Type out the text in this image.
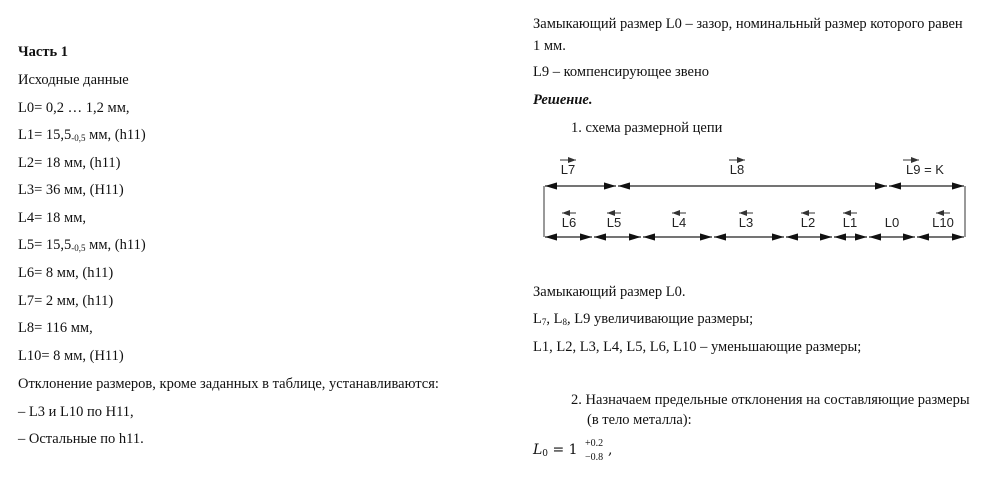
Часть 1
Исходные данные
L0= 0,2 … 1,2 мм,
$L1= 15,5_{-0,5}$ мм, (h11)
L2= 18 мм, (h11)
L3= 36 мм, (H11)
L4= 18 мм,
$L5= 15,5_{-0,5}$ мм, (h11)
L6= 8 мм, (h11)
L7= 2 мм, (h11)
L8= 116 мм,
L10= 8 мм, (H11)
Отклонение размеров, кроме заданных в таблице, устанавливаются:
– L3 и L10 по H11,
– Остальные по h11.
Замыкающий размер L0 – зазор, номинальный размер которого равен
1 мм.
L9 – компенсирующее звено
Решение.
1. схема размерной цепи
L7	L8	L9 = K
L6 L5	L4	L3	L2 L1 L0	L10
Замыкающий размер L0.
$L_7$, $L_8$, L9 увеличивающие размеры;
L1, L2, L3, L4, L5, L6, L10 – уменьшающие размеры;
2. Назначаем предельные отклонения на составляющие размеры
(в тело металла):
$L_0 = 1$ ,
+0.2
−0.8
